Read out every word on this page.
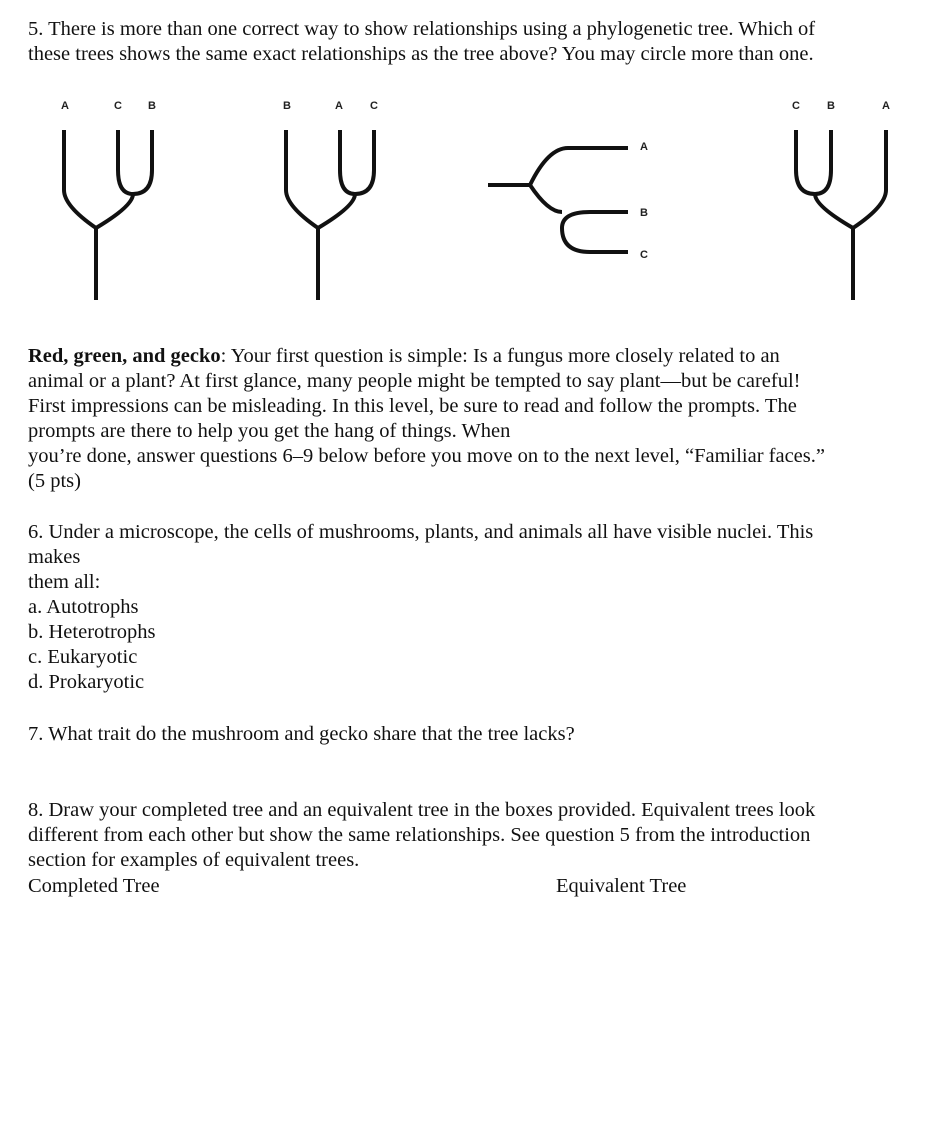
5. There is more than one correct way to show relationships using a phylogenetic tree. Which of
these trees shows the same exact relationships as the tree above? You may circle more than one.
A	C B	B	A C
A
B
C
C B	A
Red, green, and gecko: Your first question is simple: Is a fungus more closely related to an
animal or a plant? At first glance, many people might be tempted to say plant—but be careful!
First impressions can be misleading. In this level, be sure to read and follow the prompts. The
prompts are there to help you get the hang of things. When
you’re done, answer questions 6–9 below before you move on to the next level, “Familiar faces.”
(5 pts)
6. Under a microscope, the cells of mushrooms, plants, and animals all have visible nuclei. This
makes
them all:
a. Autotrophs
b. Heterotrophs
c. Eukaryotic
d. Prokaryotic
7. What trait do the mushroom and gecko share that the tree lacks?
8. Draw your completed tree and an equivalent tree in the boxes provided. Equivalent trees look
different from each other but show the same relationships. See question 5 from the introduction
section for examples of equivalent trees.
Completed Tree	Equivalent Tree
